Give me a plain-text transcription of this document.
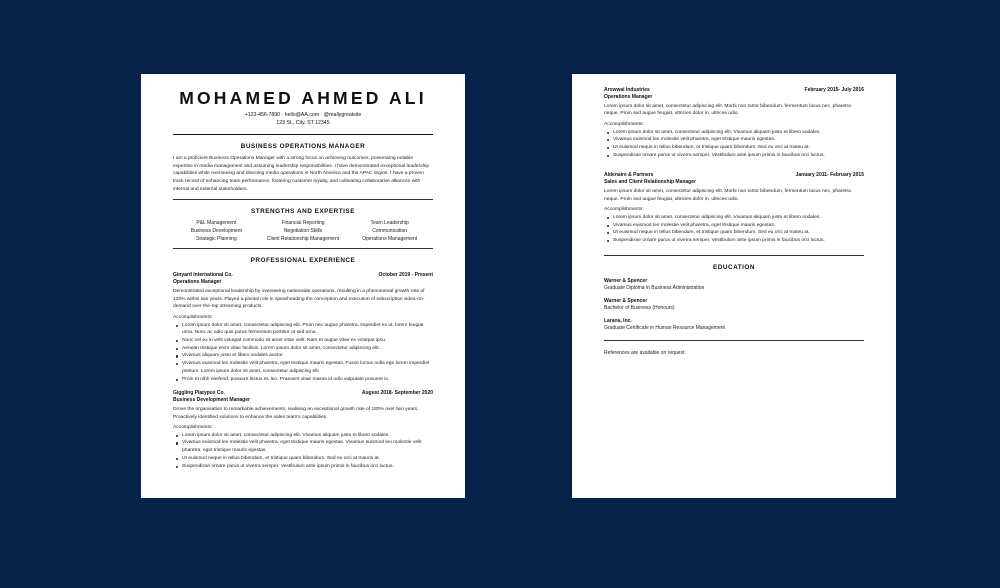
MOHAMED AHMED ALI
+123-456-7890 · hello@AA.com · @reallygreatsite
123 St., City, ST 12345
BUSINESS OPERATIONS MANAGER
I am a proficient Business Operations Manager with a strong focus on achieving outcomes, possessing notable expertise in media management and assuming leadership responsibilities. I have demonstrated exceptional leadership capabilities while overseeing and directing media operations in North America and the APAC region. I have a proven track record of enhancing team performance, fostering customer loyalty, and cultivating collaborative alliances with internal and external stakeholders.
STRENGTHS AND EXPERTISE
P&L Management	Financial Reporting	Team Leadership
Business Development	Negotiation Skills	Communication
Strategic Planning	Client Relationship Management	Operations Management
PROFESSIONAL EXPERIENCE
Ginyard International Co.	October 2019 - Present
Operations Manager
Demonstrated exceptional leadership by overseeing nationwide operations, resulting in a phenomenal growth rate of 120% within two years. Played a pivotal role in spearheading the conception and execution of subscription video-on-demand over-the-top streaming products.
Accomplishments:
Lorem ipsum dolor sit amet, consectetur adipiscing elit. Proin nec augue pharetra, imperdiet ex ut, lorem feugiat urna. Nunc ac odio quis purus fermentum porttitor ut sed urna.
Nunc vel ex in velit volutpat commodo sit amet vitae velit. Nam et augue vitae ex volutpat ipsu.
Aenean tristique enim vitae facilisis. Lorem ipsum dolor sit amet, consectetur adipiscing elit.
Vivamus aliquam justo et libero sodales auctor.
Vivamus euismod leo molestie velit pharetra, eget tristique mauris egestas. Fusce luctus nulla ege lorem imperdiet pretium. Lorem ipsum dolor sit amet, consectetur adipiscing elit
Proin et nibh eleifend, posuere lectus et, leo. Praesent vitae massa id odio vulputate posuere is.
Giggling Platypus Co.	August 2018- September 2020
Business Development Manager
Drove the organisation to remarkable achievements, realising an exceptional growth rate of 180% over two years. Proactively identified solutions to enhance the sales team's capabilities.
Accomplishments:
Lorem ipsum dolor sit amet, consectetur adipiscing elit. Vivamus aliquam justo et libero sodales.
Vivamus euismod leo molestie velit pharetra, eget tristique mauris egestas. Vivamus euismod leo molestie velit pharetra, eget tristique mauris egestas.
Ut euismod neque in tellus bibendum, et tristique quam bibendum. Sed eu orci at mauris at.
Suspendisse ornare purus ut viverra semper. Vestibulum ante ipsum primis in faucibus orci luctus.
Arowwai Industries	February 2015- July 2016
Operations Manager
Lorem ipsum dolor sit amet, consectetur adipiscing elit. Morbi non tortor bibendum, fermentum lacus nec, pharetra neque. Proin sed augue feugiat, ultricies dolor in, ultrices odio.
Accomplishments:
Lorem ipsum dolor sit amet, consectetur adipiscing elit. Vivamus aliquam justo et libero sodales.
Vivamus euismod leo molestie velit pharetra, eget tristique mauris egestas.
Ut euismod neque in tellus bibendum, et tristique quam bibendum. Sed eu orci at mateu at.
Suspendisse ornare purus ut viverra semper. Vestibulum ante ipsum primis in faucibus orci luctus.
Aldenaire & Partners	January 2011- February 2015
Sales and Client Relationship Manager
Lorem ipsum dolor sit amet, consectetur adipiscing elit. Morbi non tortor bibendum, fermentum lacus nec, pharetra neque. Proin sed augue feugiat, ultricies dolor in, ultrices odio.
Accomplishments:
Lorem ipsum dolor sit amet, consectetur adipiscing elit. Vivamus aliquam justo et libero sodales.
Vivamus euismod leo molestie velit pharetra, eget tristique mauris egestas.
Ut euismod neque in tellus bibendum, et tristique quam bibendum. Sed eu orci at mateu at.
Suspendisse ornare purus ut viverra semper. Vestibulum ante ipsum primis in faucibus orci luctus.
EDUCATION
Warner & Spencer
Graduate Diploma in Business Administration
Warner & Spencer
Bachelor of Business (Honours)
Larana, Inc.
Graduate Certificate in Human Resource Management
References are available on request.
